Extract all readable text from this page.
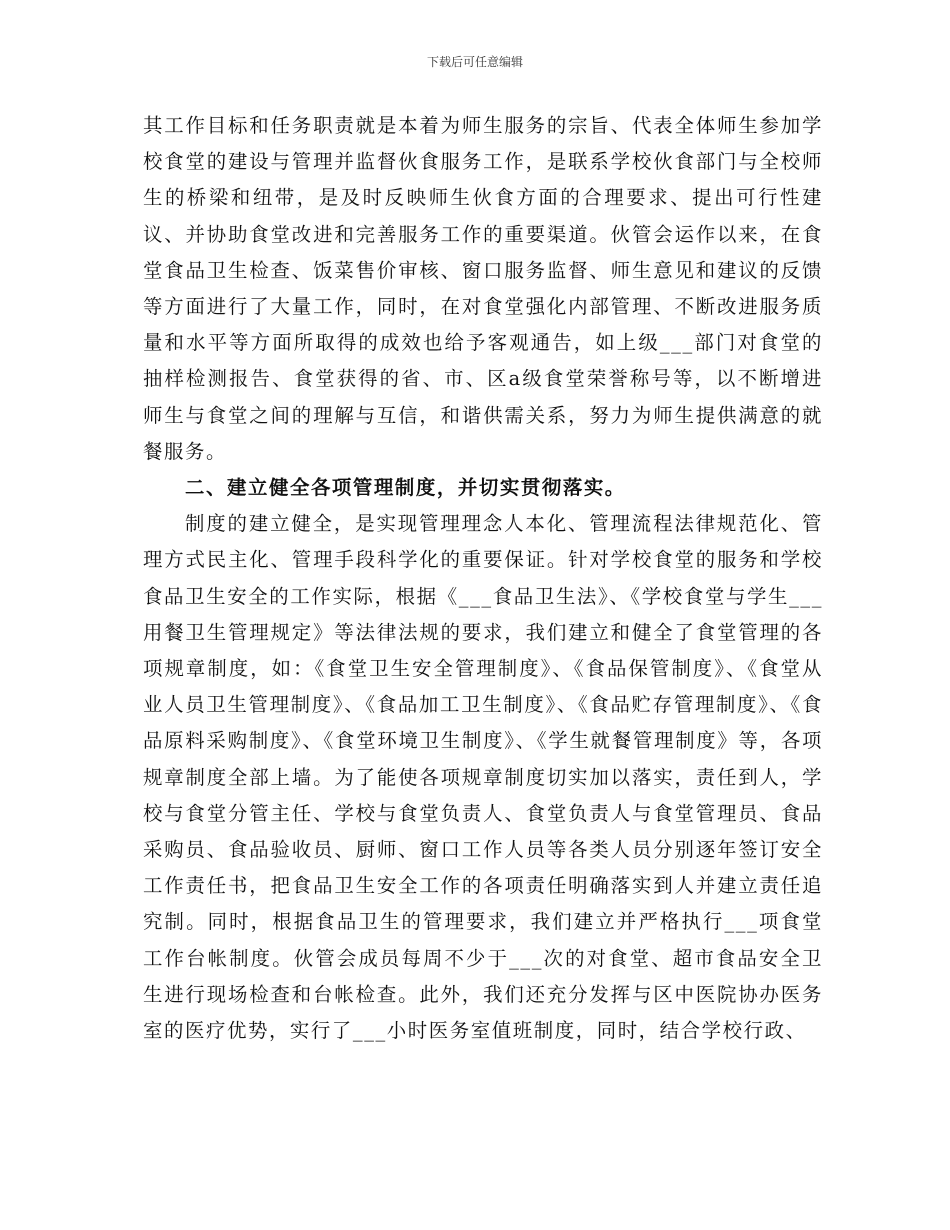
下载后可任意编辑

其工作目标和任务职责就是本着为师生服务的宗旨、代表全体师生参加学校食堂的建设与管理并监督伙食服务工作，是联系学校伙食部门与全校师生的桥梁和纽带，是及时反映师生伙食方面的合理要求、提出可行性建议、并协助食堂改进和完善服务工作的重要渠道。伙管会运作以来，在食堂食品卫生检查、饭菜售价审核、窗口服务监督、师生意见和建议的反馈等方面进行了大量工作，同时，在对食堂强化内部管理、不断改进服务质量和水平等方面所取得的成效也给予客观通告，如上级___部门对食堂的抽样检测报告、食堂获得的省、市、区a级食堂荣誉称号等，以不断增进师生与食堂之间的理解与互信，和谐供需关系，努力为师生提供满意的就餐服务。

二、建立健全各项管理制度，并切实贯彻落实。

制度的建立健全，是实现管理理念人本化、管理流程法律规范化、管理方式民主化、管理手段科学化的重要保证。针对学校食堂的服务和学校食品卫生安全的工作实际，根据《___食品卫生法》、《学校食堂与学生___用餐卫生管理规定》等法律法规的要求，我们建立和健全了食堂管理的各项规章制度，如：《食堂卫生安全管理制度》、《食品保管制度》、《食堂从业人员卫生管理制度》、《食品加工卫生制度》、《食品贮存管理制度》、《食品原料采购制度》、《食堂环境卫生制度》、《学生就餐管理制度》等，各项规章制度全部上墙。为了能使各项规章制度切实加以落实，责任到人，学校与食堂分管主任、学校与食堂负责人、食堂负责人与食堂管理员、食品采购员、食品验收员、厨师、窗口工作人员等各类人员分别逐年签订安全工作责任书，把食品卫生安全工作的各项责任明确落实到人并建立责任追究制。同时，根据食品卫生的管理要求，我们建立并严格执行___项食堂工作台帐制度。伙管会成员每周不少于___次的对食堂、超市食品安全卫生进行现场检查和台帐检查。此外，我们还充分发挥与区中医院协办医务室的医疗优势，实行了___小时医务室值班制度，同时，结合学校行政、
